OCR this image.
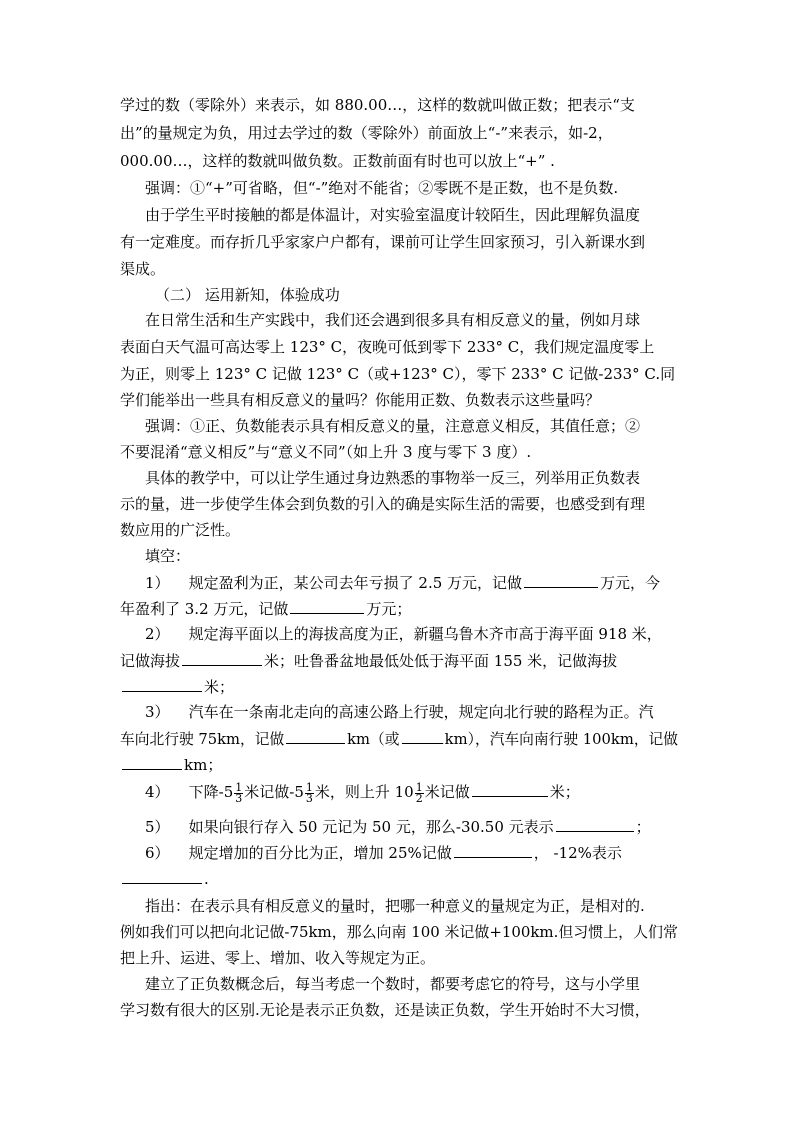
学过的数（零除外）来表示，如 880.00…，这样的数就叫做正数；把表示“支
出”的量规定为负，用过去学过的数（零除外）前面放上“-”来表示，如-2，
000.00…，这样的数就叫做负数。正数前面有时也可以放上“+” .
强调：①“+”可省略，但“-”绝对不能省；②零既不是正数，也不是负数.
由于学生平时接触的都是体温计，对实验室温度计较陌生，因此理解负温度
有一定难度。而存折几乎家家户户都有，课前可让学生回家预习，引入新课水到
渠成。
（二） 运用新知，体验成功
在日常生活和生产实践中，我们还会遇到很多具有相反意义的量，例如月球
表面白天气温可高达零上 123° C，夜晚可低到零下 233° C，我们规定温度零上
为正，则零上 123° C 记做 123° C（或+123° C），零下 233° C 记做-233° C.同
学们能举出一些具有相反意义的量吗？你能用正数、负数表示这些量吗？
强调：①正、负数能表示具有相反意义的量，注意意义相反，其值任意；②
不要混淆“意义相反”与“意义不同”（如上升 3 度与零下 3 度）.
具体的教学中，可以让学生通过身边熟悉的事物举一反三，列举用正负数表
示的量，进一步使学生体会到负数的引入的确是实际生活的需要，也感受到有理
数应用的广泛性。
填空：
1） 规定盈利为正，某公司去年亏损了 2.5 万元，记做	万元，今
年盈利了 3.2 万元，记做	万元；
2） 规定海平面以上的海拔高度为正，新疆乌鲁木齐市高于海平面 918 米，
记做海拔	米；吐鲁番盆地最低处低于海平面 155 米，记做海拔
米；
3） 汽车在一条南北走向的高速公路上行驶，规定向北行驶的路程为正。汽
车向北行驶 75km，记做	km（或	km），汽车向南行驶 100km，记做
km；
4） 下降$-5 \frac{1}{3}$ 米记做$-5 \frac{1}{3}$ 米，则上升 $10 \frac{1}{2}$ 米记做	米；
5） 如果向银行存入 50 元记为 50 元，那么-30.50 元表示	；
6） 规定增加的百分比为正，增加 25%记做	， -12%表示
.
指出：在表示具有相反意义的量时，把哪一种意义的量规定为正，是相对的.
例如我们可以把向北记做-75km，那么向南 100 米记做+100km.但习惯上，人们常
把上升、运进、零上、增加、收入等规定为正。
建立了正负数概念后，每当考虑一个数时，都要考虑它的符号，这与小学里
学习数有很大的区别.无论是表示正负数，还是读正负数，学生开始时不大习惯，
